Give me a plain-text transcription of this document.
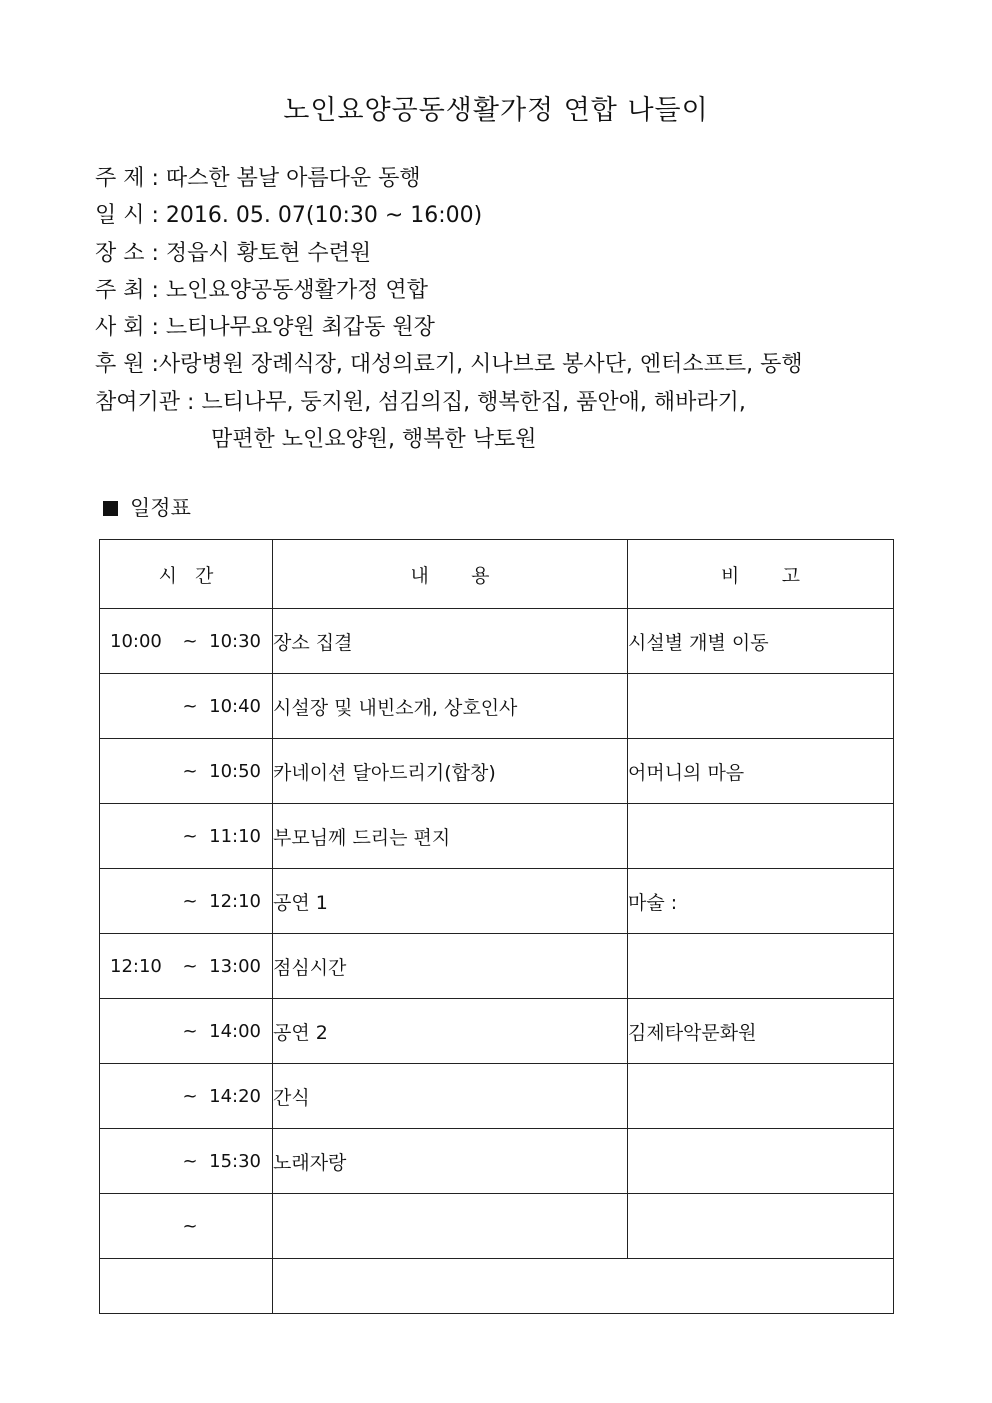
노인요양공동생활가정 연합 나들이
주 제 : 따스한 봄날 아름다운 동행
일 시 : 2016. 05. 07(10:30 ~ 16:00)
장 소 : 정읍시 황토현 수련원
주 최 : 노인요양공동생활가정 연합
사 회 : 느티나무요양원 최갑동 원장
후 원 :사랑병원 장례식장, 대성의료기, 시나브로 봉사단, 엔터소프트, 동행
참여기관 : 느티나무, 둥지원, 섬김의집, 행복한집, 품안애, 해바라기,
맘편한 노인요양원, 행복한 낙토원
일정표
시   간	내       용	비       고
10:00 ~ 10:30	장소 집결	시설별 개별 이동
~ 10:40	시설장 및 내빈소개, 상호인사	
~ 10:50	카네이션 달아드리기(합창)	어머니의 마음
~ 11:10	부모님께 드리는 편지	
~ 12:10	공연 1	마술 :
12:10 ~ 13:00	점심시간	
~ 14:00	공연 2	김제타악문화원
~ 14:20	간식	
~ 15:30	노래자랑	
~		
